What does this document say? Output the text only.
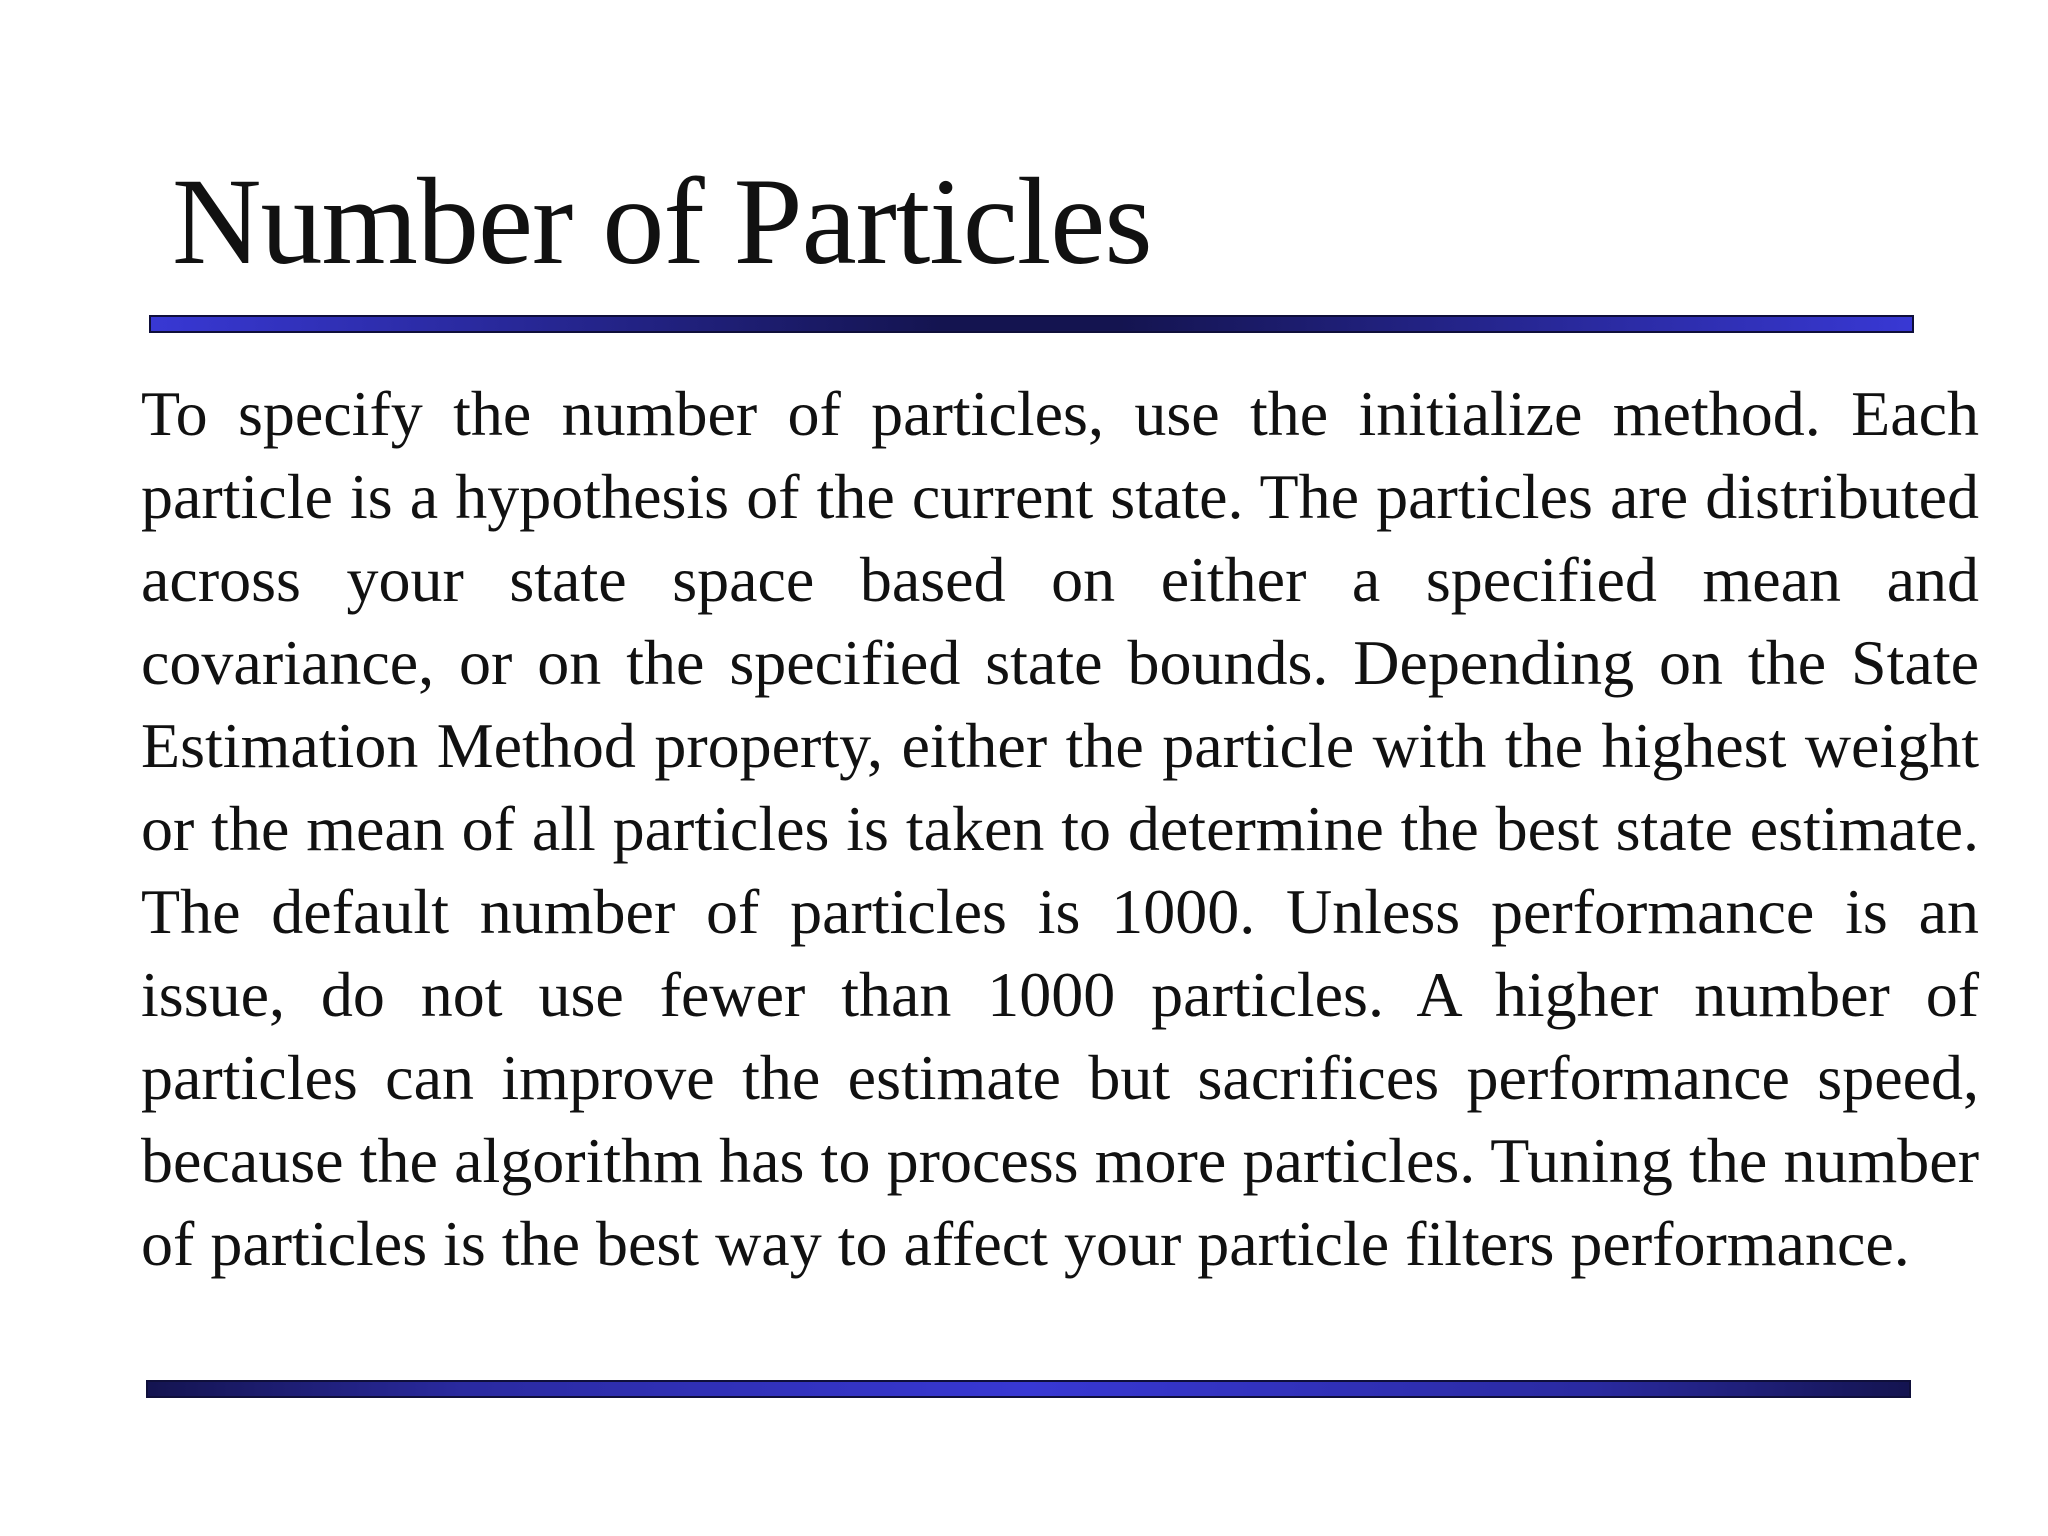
Number of Particles

To specify the number of particles, use the initialize method. Each particle is a hypothesis of the current state. The particles are distributed across your state space based on either a specified mean and covariance, or on the specified state bounds. Depending on the State Estimation Method property, either the particle with the highest weight or the mean of all particles is taken to determine the best state estimate. The default number of particles is 1000. Unless performance is an issue, do not use fewer than 1000 particles. A higher number of particles can improve the estimate but sacrifices performance speed, because the algorithm has to process more particles. Tuning the number of particles is the best way to affect your particle filters performance.
